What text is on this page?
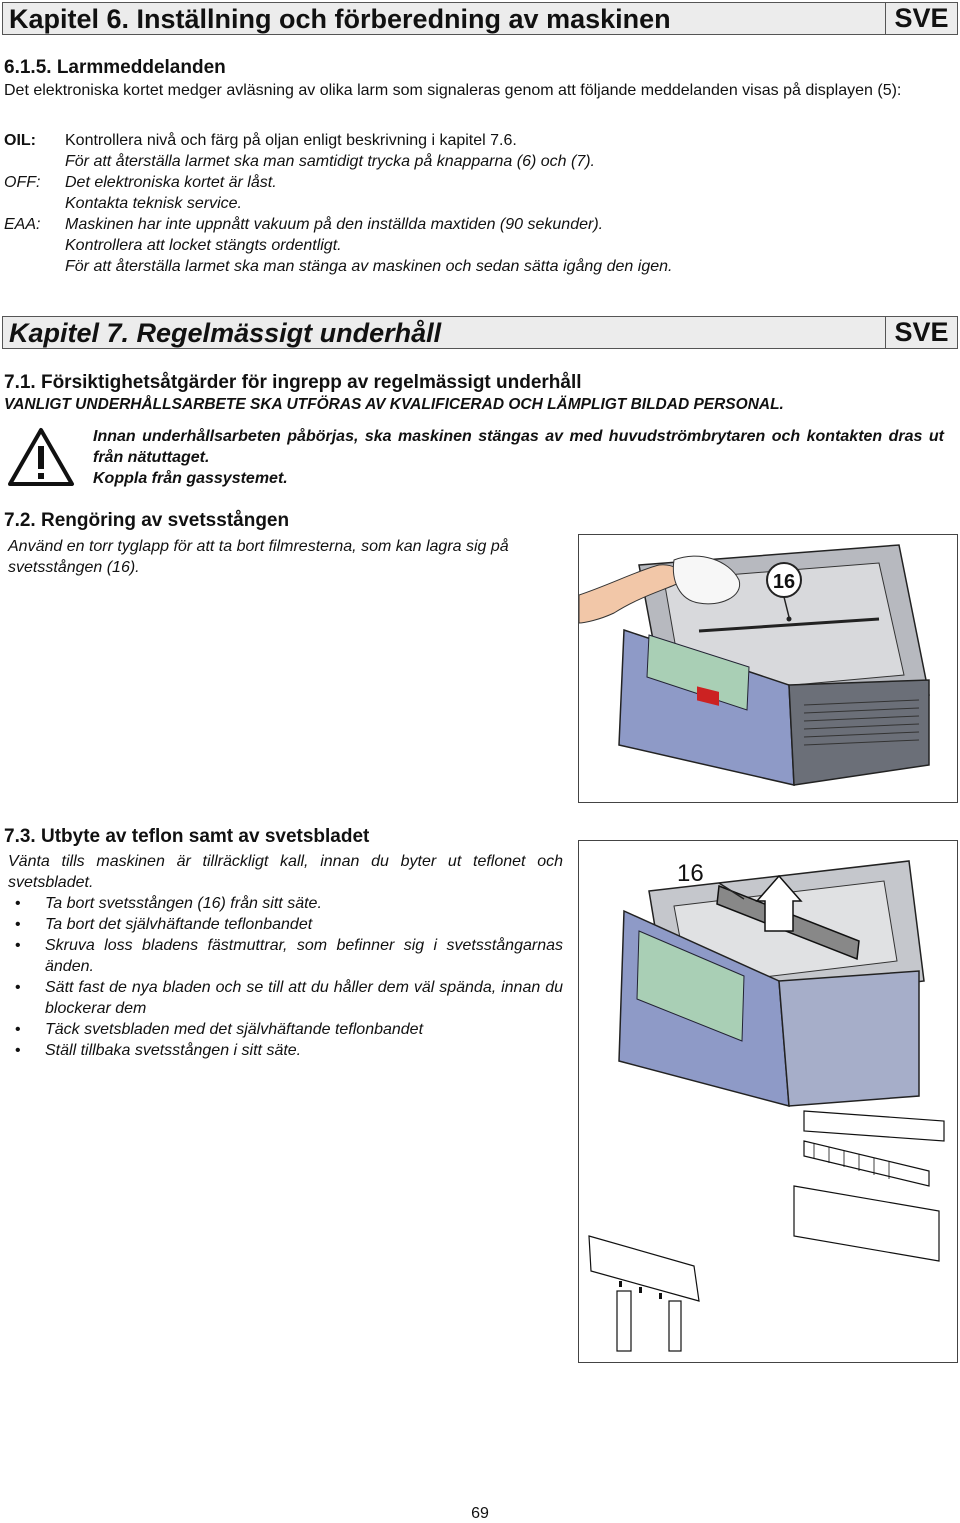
Kapitel 6. Inställning och förberedning av maskinen	SVE
6.1.5. Larmmeddelanden
Det elektroniska kortet medger avläsning av olika larm som signaleras genom att följande meddelanden visas på displayen (5):
OIL: Kontrollera nivå och färg på oljan enligt beskrivning i kapitel 7.6.
För att återställa larmet ska man samtidigt trycka på knapparna (6) och (7).
OFF: Det elektroniska kortet är låst.
Kontakta teknisk service.
EAA: Maskinen har inte uppnått vakuum på den inställda maxtiden (90 sekunder).
Kontrollera att locket stängts ordentligt.
För att återställa larmet ska man stänga av maskinen och sedan sätta igång den igen.
Kapitel 7. Regelmässigt underhåll	SVE
7.1. Försiktighetsåtgärder för ingrepp av regelmässigt underhåll
VANLIGT UNDERHÅLLSARBETE SKA UTFÖRAS AV KVALIFICERAD OCH LÄMPLIGT BILDAD PERSONAL.
Innan underhållsarbeten påbörjas, ska maskinen stängas av med huvudströmbrytaren och kontakten dras ut från nätuttaget.
Koppla från gassystemet.
7.2. Rengöring av svetsstången
Använd en torr tyglapp för att ta bort filmresterna, som kan lagra sig på svetsstången (16).
16
7.3. Utbyte av teflon samt av svetsbladet
Vänta tills maskinen är tillräckligt kall, innan du byter ut teflonet och svetsbladet.
• Ta bort svetsstången (16) från sitt säte.
• Ta bort det självhäftande teflonbandet
• Skruva loss bladens fästmuttrar, som befinner sig i svetsstångarnas änden.
• Sätt fast de nya bladen och se till att du håller dem väl spända, innan du blockerar dem
• Täck svetsbladen med det självhäftande teflonbandet
• Ställ tillbaka svetsstången i sitt säte.
16
69
